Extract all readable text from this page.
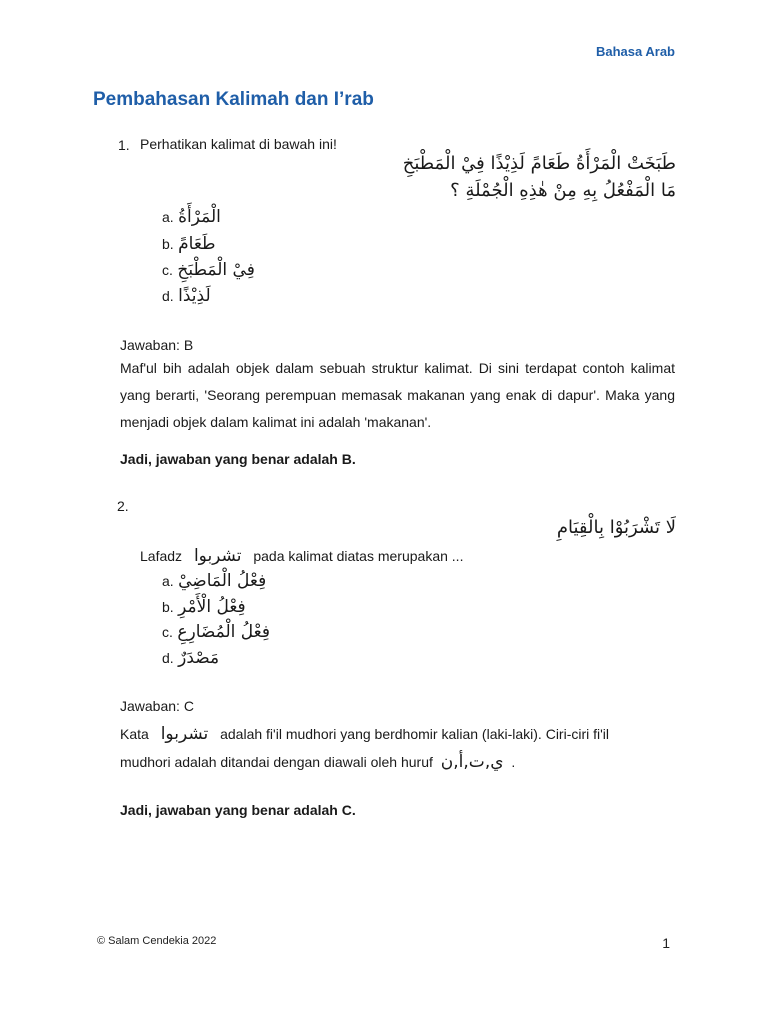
Bahasa Arab
Pembahasan Kalimah dan I’rab
1. Perhatikan kalimat di bawah ini!
طَبَخَتْ الْمَرْأَةُ طَعَامً لَذِيْذًا فِيْ الْمَطْبَخِ
مَا الْمَفْعُلُ بِهِ مِنْ هٰذِهِ الْجُمْلَةِ ؟
a. الْمَرْأَةُ
b. طَعَامً
c. فِيْ الْمَطْبَخِ
d. لَذِيْذًا
Jawaban: B
Maf'ul bih adalah objek dalam sebuah struktur kalimat. Di sini terdapat contoh kalimat yang berarti, 'Seorang perempuan memasak makanan yang enak di dapur'. Maka yang menjadi objek dalam kalimat ini adalah 'makanan'.
Jadi, jawaban yang benar adalah B.
2.
لَا تَشْرَبُوْا بِالْقِيَامِ
Lafadz تشربوا pada kalimat diatas merupakan ...
a. فِعْلُ الْمَاضِيْ
b. فِعْلُ الْأَمْرِ
c. فِعْلُ الْمُضَارِعِ
d. مَصْدَرٌ
Jawaban: C
Kata تشربوا adalah fi'il mudhori yang berdhomir kalian (laki-laki). Ciri-ciri fi'il
mudhori adalah ditandai dengan diawali oleh huruf ي,ت,أ,ن .
Jadi, jawaban yang benar adalah C.
© Salam Cendekia 2022	1
